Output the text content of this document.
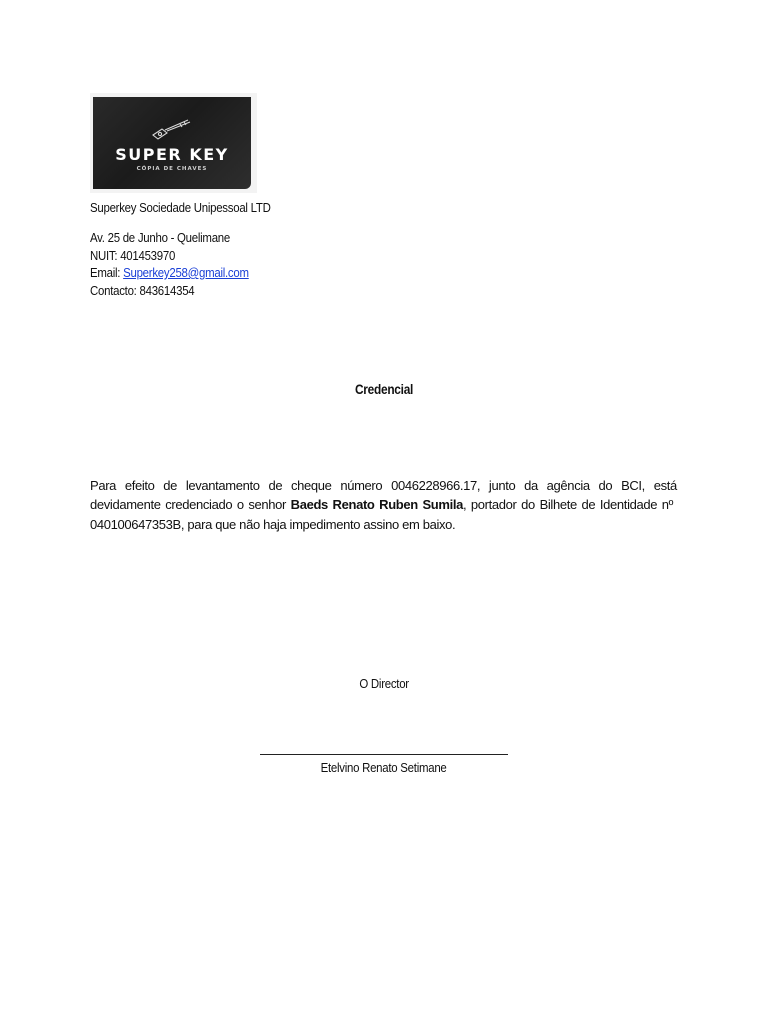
SUPER KEY
CÓPIA DE CHAVES
Superkey Sociedade Unipessoal LTD
Av. 25 de Junho - Quelimane
NUIT: 401453970
Email: Superkey258@gmail.com
Contacto: 843614354
Credencial
Para efeito de levantamento de cheque número 0046228966.17, junto da agência do BCI, está
devidamente credenciado o senhor Baeds Renato Ruben Sumila, portador do Bilhete de Identidade nº
040100647353B, para que não haja impedimento assino em baixo.
O Director
Etelvino Renato Setimane
